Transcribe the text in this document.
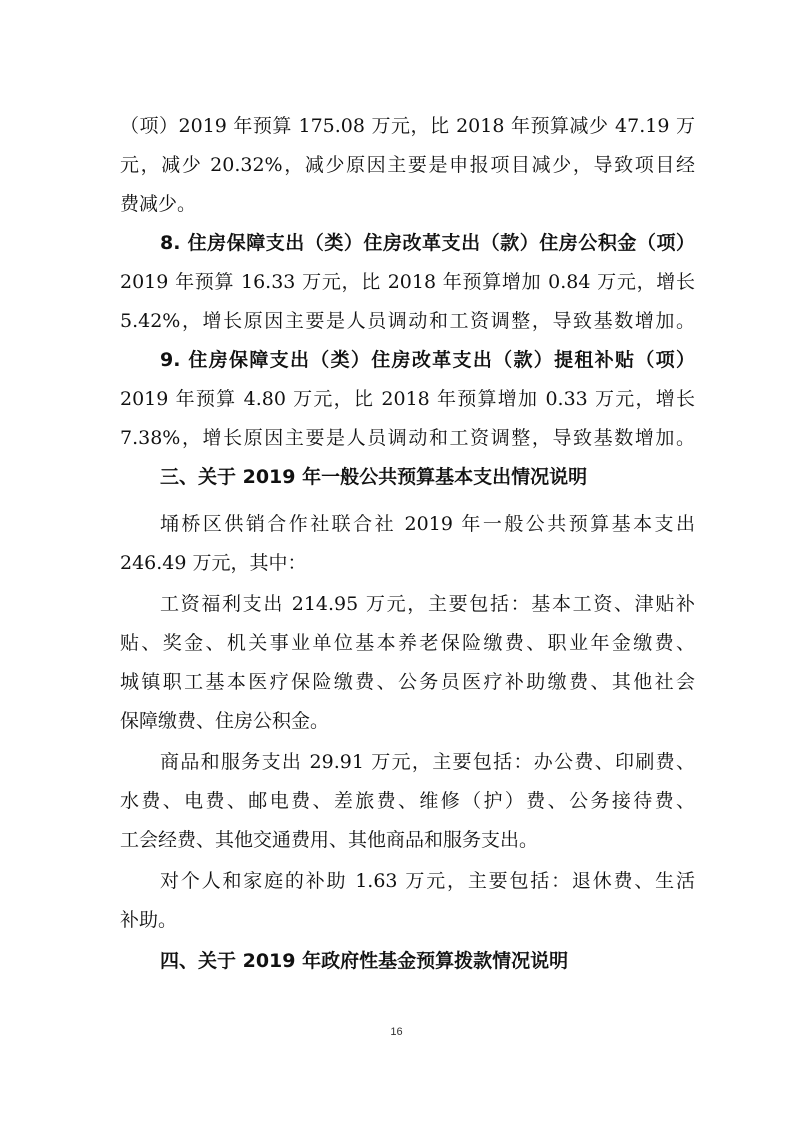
（项）2019 年预算 175.08 万元，比 2018 年预算减少 47.19 万
元，减少 20.32%，减少原因主要是申报项目减少，导致项目经
费减少。
8. 住房保障支出（类）住房改革支出（款）住房公积金（项）
2019 年预算 16.33 万元，比 2018 年预算增加 0.84 万元，增长
5.42%，增长原因主要是人员调动和工资调整，导致基数增加。
9. 住房保障支出（类）住房改革支出（款）提租补贴（项）
2019 年预算 4.80 万元，比 2018 年预算增加 0.33 万元，增长
7.38%，增长原因主要是人员调动和工资调整，导致基数增加。
三、关于 2019 年一般公共预算基本支出情况说明
埇桥区供销合作社联合社 2019 年一般公共预算基本支出
246.49 万元，其中：
工资福利支出 214.95 万元，主要包括：基本工资、津贴补
贴、奖金、机关事业单位基本养老保险缴费、职业年金缴费、
城镇职工基本医疗保险缴费、公务员医疗补助缴费、其他社会
保障缴费、住房公积金。
商品和服务支出 29.91 万元，主要包括：办公费、印刷费、
水费、电费、邮电费、差旅费、维修（护）费、公务接待费、
工会经费、其他交通费用、其他商品和服务支出。
对个人和家庭的补助 1.63 万元，主要包括：退休费、生活
补助。
四、关于 2019 年政府性基金预算拨款情况说明
16
